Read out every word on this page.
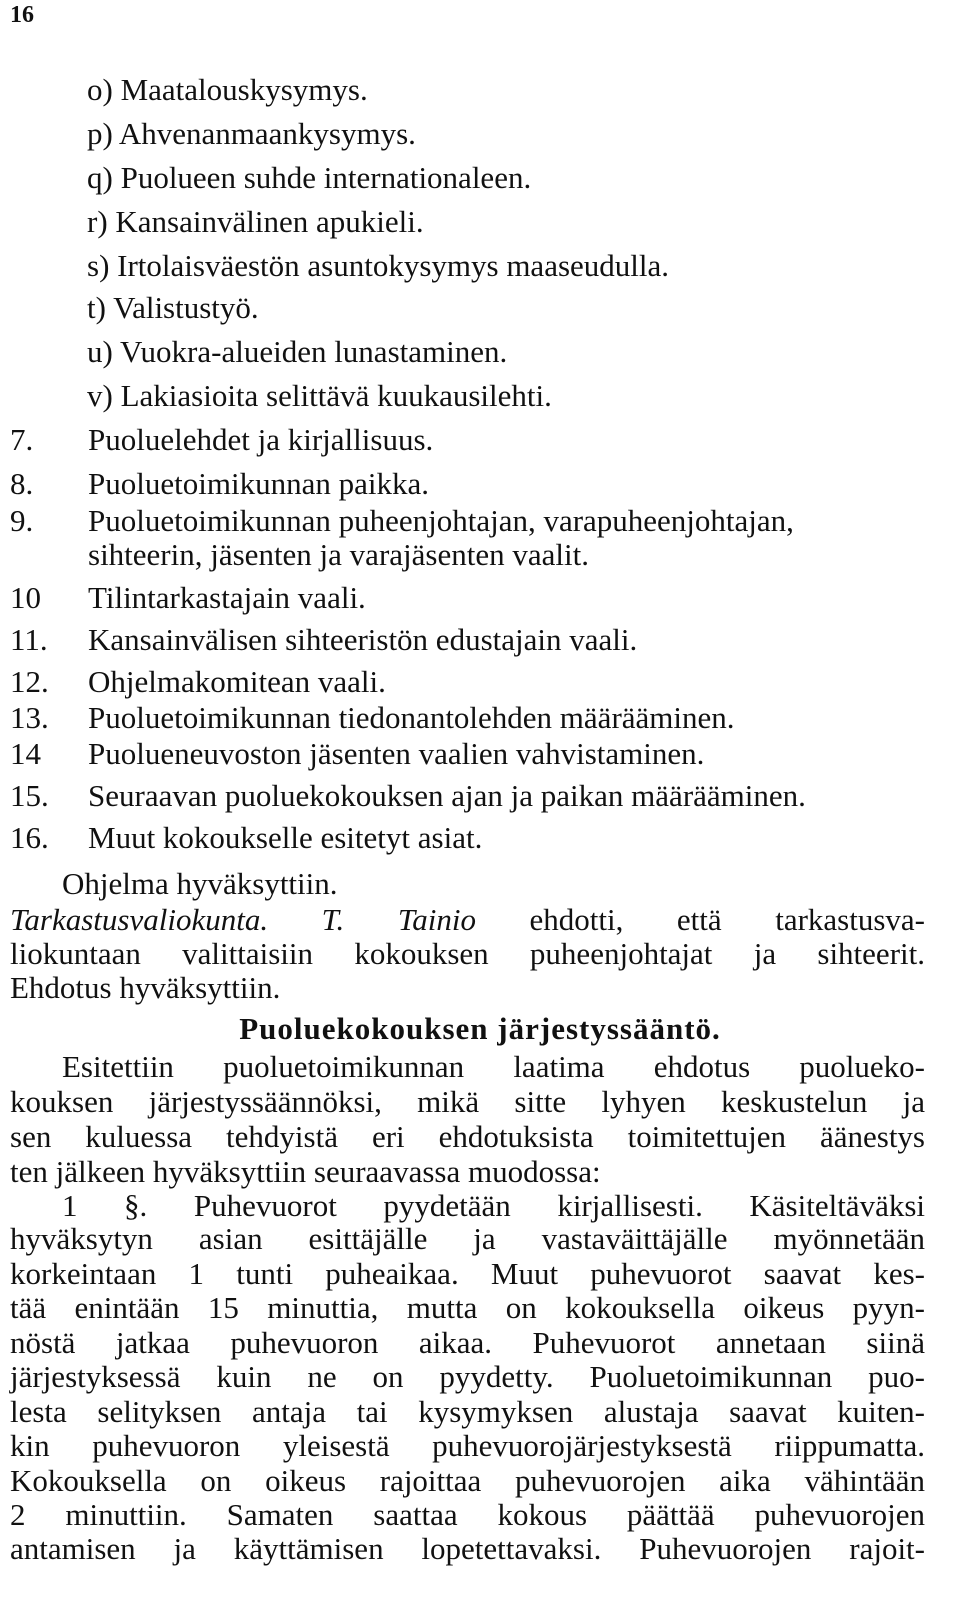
16
o) Maatalouskysymys.
p) Ahvenanmaankysymys.
q) Puolueen suhde internationaleen.
r) Kansainvälinen apukieli.
s) Irtolaisväestön asuntokysymys maaseudulla.
t) Valistustyö.
u) Vuokra-alueiden lunastaminen.
v) Lakiasioita selittävä kuukausilehti.
7. Puoluelehdet ja kirjallisuus.
8. Puoluetoimikunnan paikka.
9. Puoluetoimikunnan puheenjohtajan, varapuheenjohtajan,
sihteerin, jäsenten ja varajäsenten vaalit.
10 Tilintarkastajain vaali.
11. Kansainvälisen sihteeristön edustajain vaali.
12. Ohjelmakomitean vaali.
13. Puoluetoimikunnan tiedonantolehden määrääminen.
14 Puolueneuvoston jäsenten vaalien vahvistaminen.
15. Seuraavan puoluekokouksen ajan ja paikan määrääminen.
16. Muut kokoukselle esitetyt asiat.
Ohjelma hyväksyttiin.
Tarkastusvaliokunta. T. Tainio ehdotti, että tarkastusva-
liokuntaan valittaisiin kokouksen puheenjohtajat ja sihteerit.
Ehdotus hyväksyttiin.
Puoluekokouksen järjestyssääntö.
Esitettiin puoluetoimikunnan laatima ehdotus puolueko-
kouksen järjestyssäännöksi, mikä sitte lyhyen keskustelun ja
sen kuluessa tehdyistä eri ehdotuksista toimitettujen äänestys
ten jälkeen hyväksyttiin seuraavassa muodossa:
1 §. Puhevuorot pyydetään kirjallisesti. Käsiteltäväksi
hyväksytyn asian esittäjälle ja vastaväittäjälle myönnetään
korkeintaan 1 tunti puheaikaa. Muut puhevuorot saavat kes-
tää enintään 15 minuttia, mutta on kokouksella oikeus pyyn-
nöstä jatkaa puhevuoron aikaa. Puhevuorot annetaan siinä
järjestyksessä kuin ne on pyydetty. Puoluetoimikunnan puo-
lesta selityksen antaja tai kysymyksen alustaja saavat kuiten-
kin puhevuoron yleisestä puhevuorojärjestyksestä riippumatta.
Kokouksella on oikeus rajoittaa puhevuorojen aika vähintään
2 minuttiin. Samaten saattaa kokous päättää puhevuorojen
antamisen ja käyttämisen lopetettavaksi. Puhevuorojen rajoit-
